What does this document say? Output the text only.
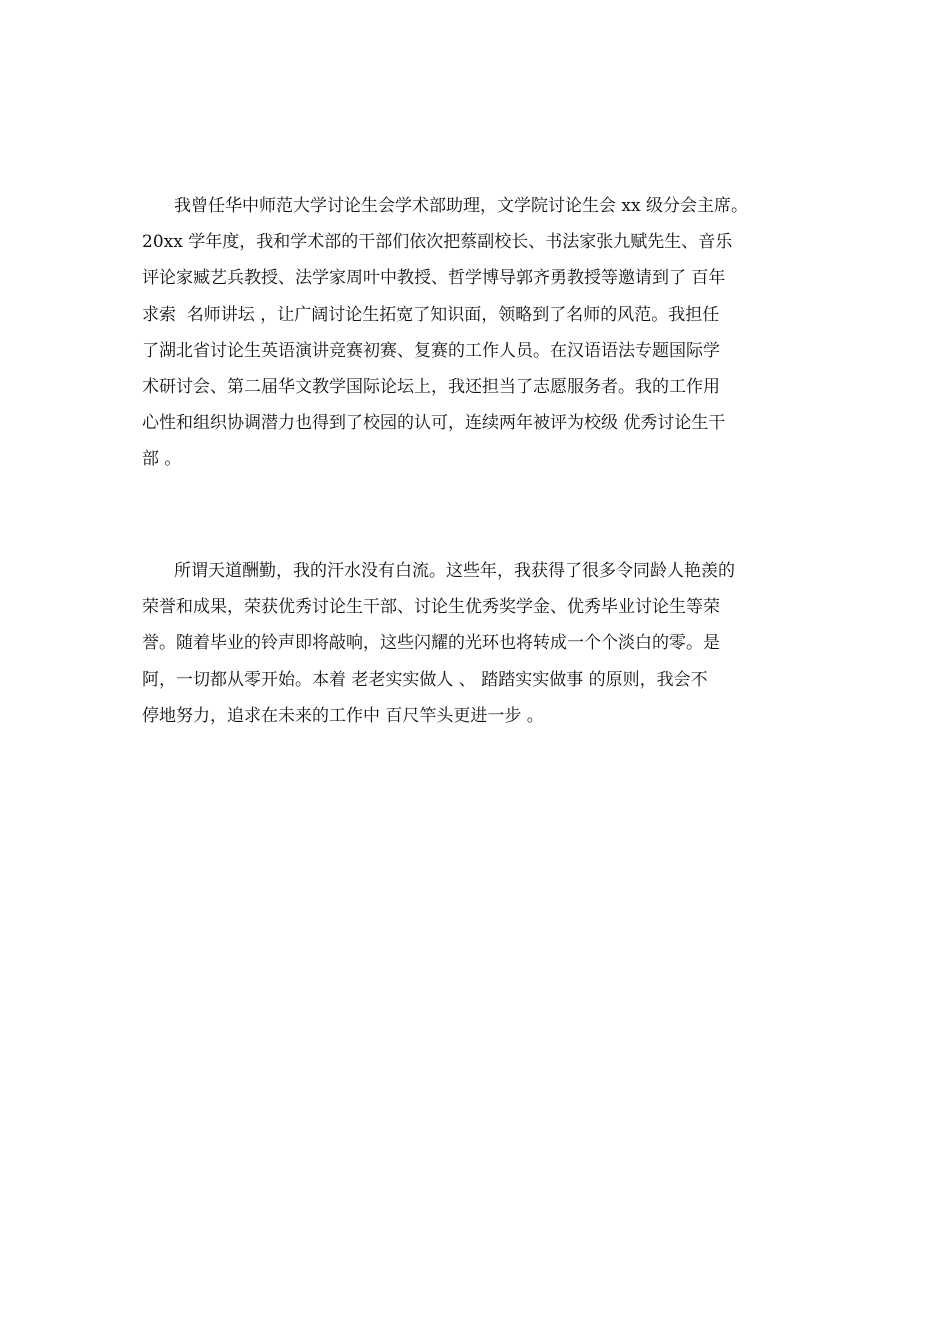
我曾任华中师范大学讨论生会学术部助理，文学院讨论生会 xx 级分会主席。
20xx 学年度，我和学术部的干部们依次把蔡副校长、书法家张九赋先生、音乐
评论家臧艺兵教授、法学家周叶中教授、哲学博导郭齐勇教授等邀请到了 百年
求索  名师讲坛 ，让广阔讨论生拓宽了知识面，领略到了名师的风范。我担任
了湖北省讨论生英语演讲竞赛初赛、复赛的工作人员。在汉语语法专题国际学
术研讨会、第二届华文教学国际论坛上，我还担当了志愿服务者。我的工作用
心性和组织协调潜力也得到了校园的认可，连续两年被评为校级 优秀讨论生干
部 。
所谓天道酬勤，我的汗水没有白流。这些年，我获得了很多令同龄人艳羡的
荣誉和成果，荣获优秀讨论生干部、讨论生优秀奖学金、优秀毕业讨论生等荣
誉。随着毕业的铃声即将敲响，这些闪耀的光环也将转成一个个淡白的零。是
阿，一切都从零开始。本着 老老实实做人 、 踏踏实实做事 的原则，我会不
停地努力，追求在未来的工作中 百尺竿头更进一步 。
